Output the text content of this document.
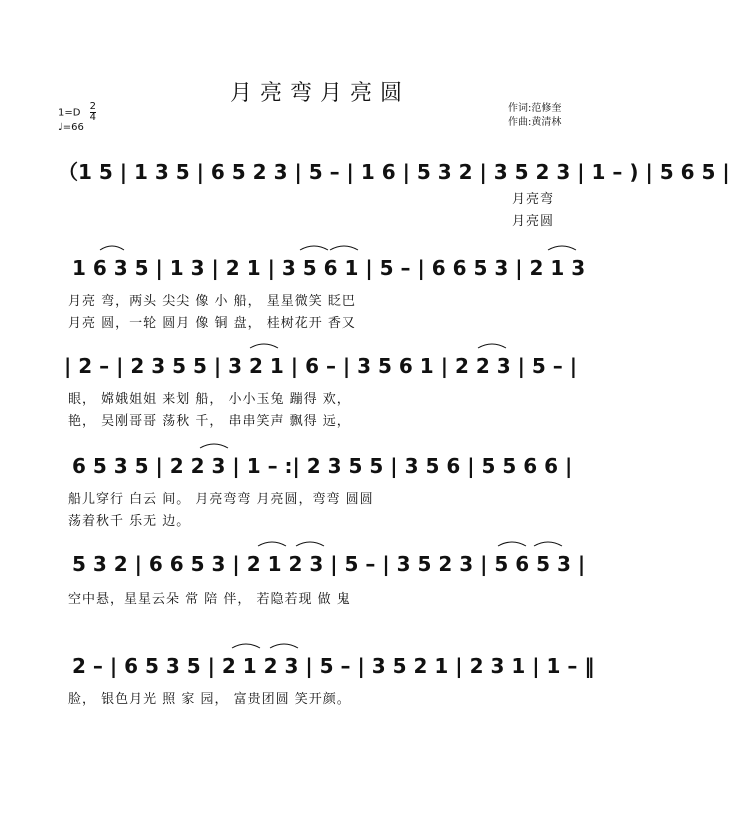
月亮弯月亮圆
作词:范修奎
作曲:黄清林
$1=D \frac{2}{4}$
♩=66
（1 5 | 1 3 5 | 6 5 2 3 | 5 – | 1 6 | 5 3 2 | 3 5 2 3 | 1 – ) | 5 6 5 |
月亮弯
月亮圆
1 6 3 5 | 1 3 | 2 1 | 3 5 6 1 | 5 – | 6 6 5 3 | 2 1 3
月亮 弯，两头 尖尖 像 小 船， 星星微笑 眨巴
月亮 圆，一轮 圆月 像 铜 盘， 桂树花开 香又
| 2 – | 2 3 5 5 | 3 2 1 | 6 – | 3 5 6 1 | 2 2 3 | 5 – |
眼， 嫦娥姐姐 来划 船， 小小玉兔 蹦得 欢，
艳， 吴刚哥哥 荡秋 千， 串串笑声 飘得 远，
6 5 3 5 | 2 2 3 | 1 – :| 2 3 5 5 | 3 5 6 | 5 5 6 6 |
船儿穿行 白云 间。 月亮弯弯 月亮圆，弯弯 圆圆
荡着秋千 乐无 边。
5 3 2 | 6 6 5 3 | 2 1 2 3 | 5 – | 3 5 2 3 | 5 6 5 3 |
空中悬，星星云朵 常 陪 伴， 若隐若现 做 鬼
2 – | 6 5 3 5 | 2 1 2 3 | 5 – | 3 5 2 1 | 2 3 1 | 1 – ‖
脸， 银色月光 照 家 园， 富贵团圆 笑开颜。
